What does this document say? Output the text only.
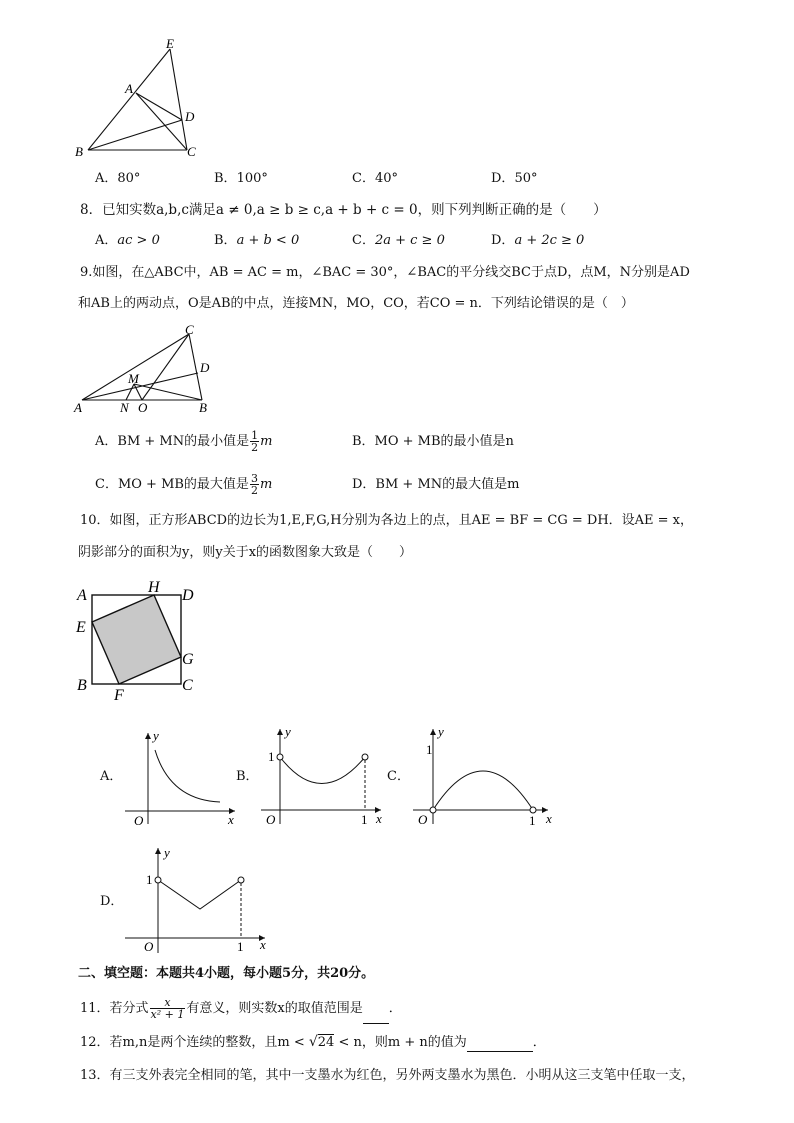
E
A
D
B	C
A．80°	B．100°	C．40°	D．50°
8．已知实数a,b,c满足a ≠ 0,a ≥ b ≥ c,a + b + c = 0，则下列判断正确的是（　　）
A．ac > 0	B．a + b < 0	C．2a + c ≥ 0	D．a + 2c ≥ 0
9.如图，在△ABC中，AB = AC = m，∠BAC = 30°，∠BAC的平分线交BC于点D，点M，N分别是AD
和AB上的两动点，O是AB的中点，连接MN，MO，CO，若CO = n．下列结论错误的是（　）
C
D
M
A	N O	B
A．BM + MN的最小值是 $\frac{1}{2}$ m	B．MO + MB的最小值是n
C．MO + MB的最大值是 $\frac{3}{2}$ m	D．BM + MN的最大值是m
10．如图，正方形ABCD的边长为1,E,F,G,H分别为各边上的点，且AE = BF = CG = DH．设AE = x，
阴影部分的面积为y，则y关于x的函数图象大致是（　　）
A	H D
E
G
B
F
C
A．
y
x
O
B．
y
1
x
O	1
C．
y
1
x
O	1
D．
y
1
x
O	1
二、填空题：本题共4小题，每小题5分，共20分。
11．若分式 $\frac{x}{\text{x² + 1}}$ 有意义，则实数x的取值范围是 ．
12．若m,n是两个连续的整数，且m < √24 < n，则m + n的值为	．
13．有三支外表完全相同的笔，其中一支墨水为红色，另外两支墨水为黑色．小明从这三支笔中任取一支，
